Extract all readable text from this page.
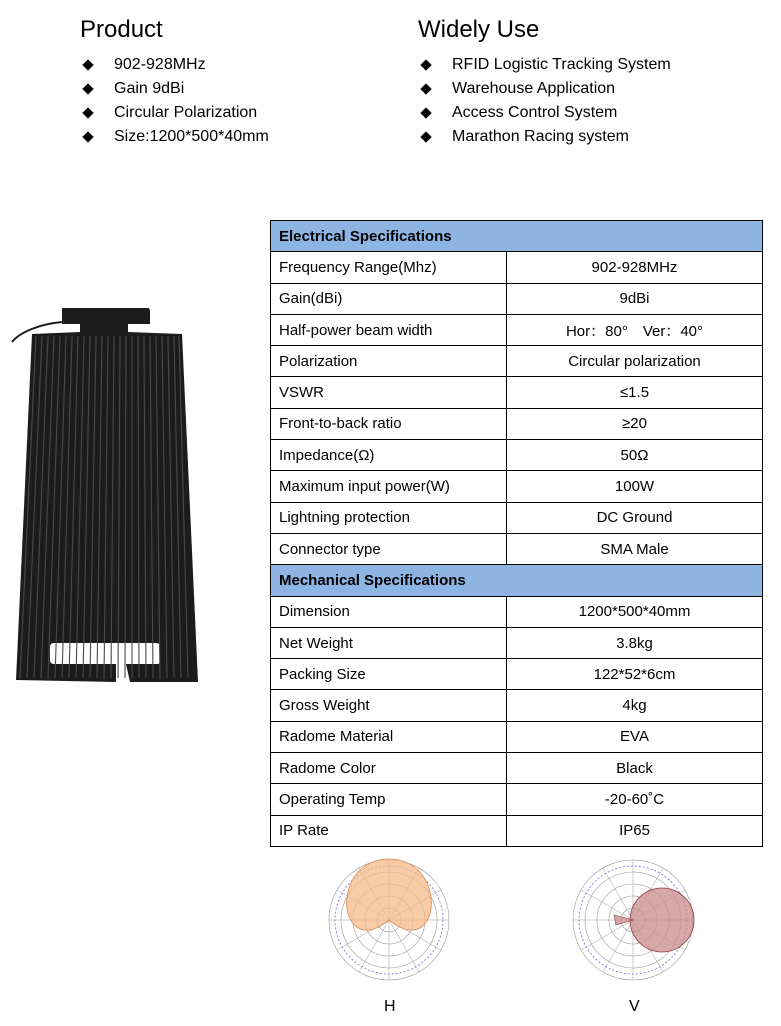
Product
902-928MHz
Gain 9dBi
Circular Polarization
Size:1200*500*40mm
Widely Use
RFID Logistic Tracking System
Warehouse Application
Access Control System
Marathon Racing system
Electrical Specifications	
Frequency Range(Mhz)	902-928MHz
Gain(dBi)	9dBi
Half-power beam width	Hor：80°　Ver：40°
Polarization	Circular polarization
VSWR	≤1.5
Front-to-back ratio	≥20
Impedance(Ω)	50Ω
Maximum input power(W)	100W
Lightning protection	DC Ground
Connector type	SMA Male
Mechanical Specifications	
Dimension	1200*500*40mm
Net Weight	3.8kg
Packing Size	122*52*6cm
Gross Weight	4kg
Radome Material	EVA
Radome Color	Black
Operating Temp	-20-60˚C
IP Rate	IP65
H	V
